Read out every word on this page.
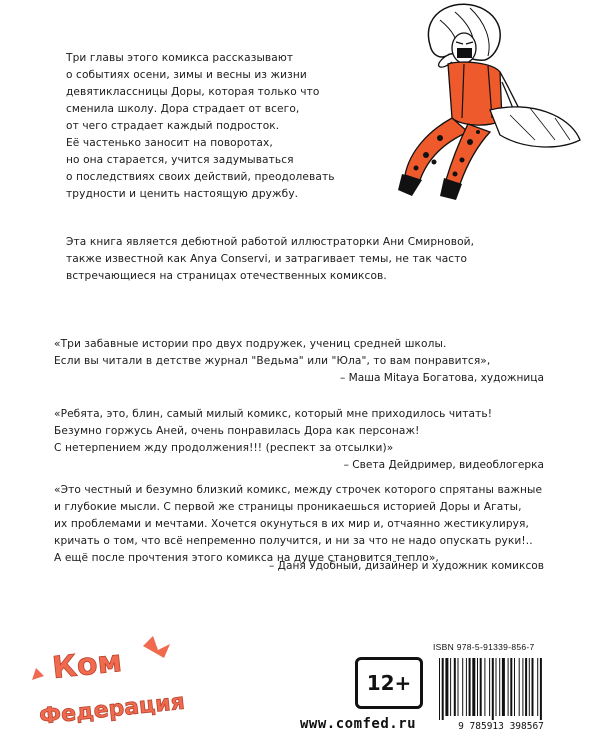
Три главы этого комикса рассказывают
о событиях осени, зимы и весны из жизни
девятиклассницы Доры, которая только что
сменила школу. Дора страдает от всего,
от чего страдает каждый подросток.
Её частенько заносит на поворотах,
но она старается, учится задумываться
о последствиях своих действий, преодолевать
трудности и ценить настоящую дружбу.
Эта книга является дебютной работой иллюстраторки Ани Смирновой,
также известной как Anya Conservi, и затрагивает темы, не так часто
встречающиеся на страницах отечественных комиксов.
«Три забавные истории про двух подружек, учениц средней школы.
Если вы читали в детстве журнал "Ведьма" или "Юла", то вам понравится»,
– Маша Mitaya Богатова, художница
«Ребята, это, блин, самый милый комикс, который мне приходилось читать!
Безумно горжусь Аней, очень понравилась Дора как персонаж!
С нетерпением жду продолжения!!! (респект за отсылки)»
– Света Дейдример, видеоблогерка
«Это честный и безумно близкий комикс, между строчек которого спрятаны важные
и глубокие мысли. С первой же страницы проникаешься историей Доры и Агаты,
их проблемами и мечтами. Хочется окунуться в их мир и, отчаянно жестикулируя,
кричать о том, что всё непременно получится, и ни за что не надо опускать руки!..
А ещё после прочтения этого комикса на душе становится тепло»,
– Даня Удобный, дизайнер и художник комиксов
Ком
Федерация
12+
www.comfed.ru
ISBN 978-5-91339-856-7
9 785913 398567
